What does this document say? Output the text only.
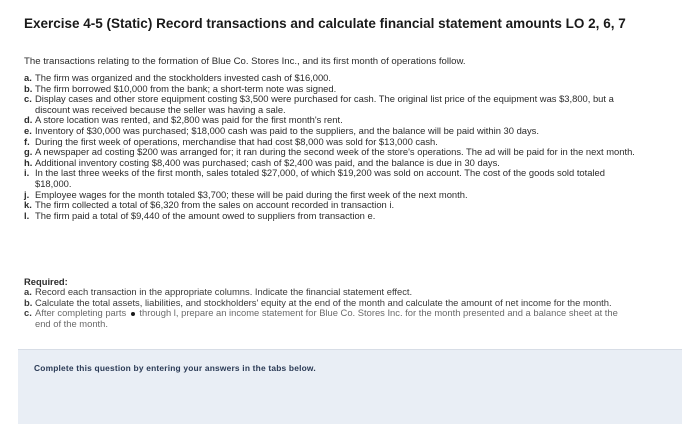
Exercise 4-5 (Static) Record transactions and calculate financial statement amounts LO 2, 6, 7
The transactions relating to the formation of Blue Co. Stores Inc., and its first month of operations follow.
a. The firm was organized and the stockholders invested cash of $16,000.
b. The firm borrowed $10,000 from the bank; a short-term note was signed.
c. Display cases and other store equipment costing $3,500 were purchased for cash. The original list price of the equipment was $3,800, but a discount was received because the seller was having a sale.
d. A store location was rented, and $2,800 was paid for the first month's rent.
e. Inventory of $30,000 was purchased; $18,000 cash was paid to the suppliers, and the balance will be paid within 30 days.
f. During the first week of operations, merchandise that had cost $8,000 was sold for $13,000 cash.
g. A newspaper ad costing $200 was arranged for; it ran during the second week of the store's operations. The ad will be paid for in the next month.
h. Additional inventory costing $8,400 was purchased; cash of $2,400 was paid, and the balance is due in 30 days.
i. In the last three weeks of the first month, sales totaled $27,000, of which $19,200 was sold on account. The cost of the goods sold totaled $18,000.
j. Employee wages for the month totaled $3,700; these will be paid during the first week of the next month.
k. The firm collected a total of $6,320 from the sales on account recorded in transaction i.
l. The firm paid a total of $9,440 of the amount owed to suppliers from transaction e.
Required:
a. Record each transaction in the appropriate columns. Indicate the financial statement effect.
b. Calculate the total assets, liabilities, and stockholders' equity at the end of the month and calculate the amount of net income for the month.
c. After completing parts through l, prepare an income statement for Blue Co. Stores Inc. for the month presented and a balance sheet at the end of the month.
Complete this question by entering your answers in the tabs below.
